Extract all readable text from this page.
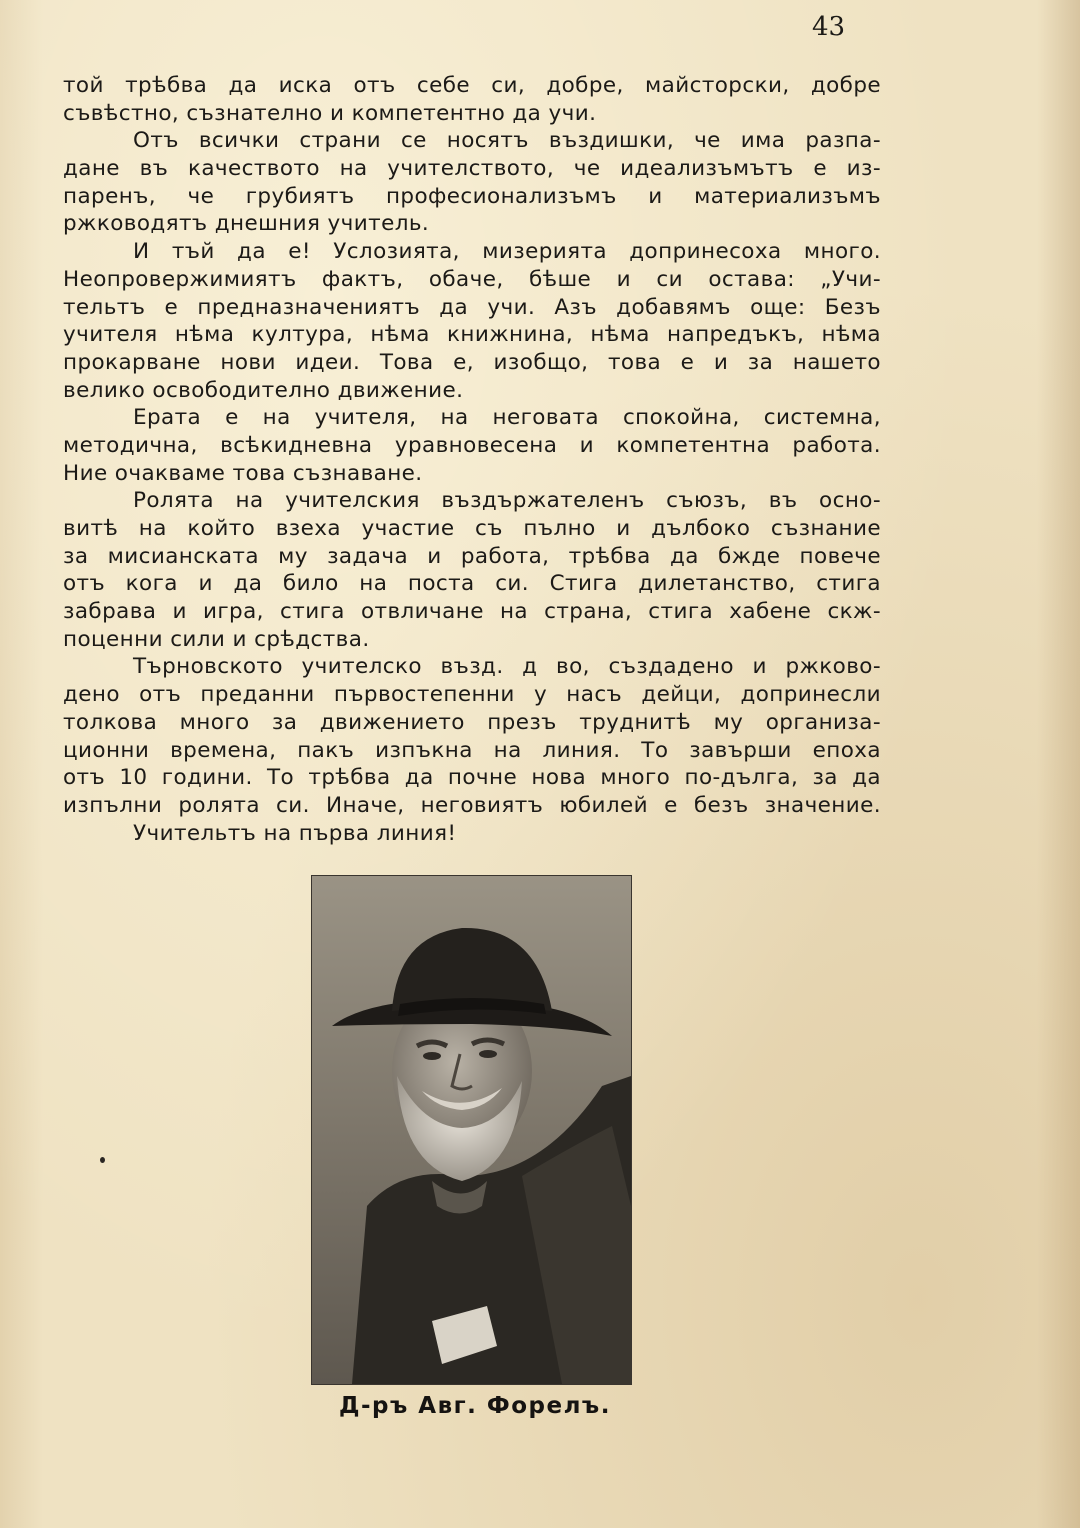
43
той трѣбва да иска отъ себе си, добре, майсторски, добре
съвѣстно, съзнателно и компетентно да учи.
Отъ всички страни се носятъ въздишки, че има разпа-
дане въ качеството на учителството, че идеализъмътъ е из-
паренъ, че грубиятъ професионализъмъ и материализъмъ
ржководятъ днешния учитель.
И тъй да е! Услозията, мизерията допринесоха много.
Неопровержимиятъ фактъ, обаче, бѣше и си остава: „Учи-
тельтъ е предназначениятъ да учи. Азъ добавямъ още: Безъ
учителя нѣма култура, нѣма книжнина, нѣма напредъкъ, нѣма
прокарване нови идеи. Това е, изобщо, това е и за нашето
велико освободително движение.
Ерата е на учителя, на неговата спокойна, системна,
методична, всѣкидневна уравновесена и компетентна работа.
Ние очакваме това съзнаване.
Ролята на учителския въздържателенъ съюзъ, въ осно-
витѣ на който взеха участие съ пълно и дълбоко съзнание
за мисианската му задача и работа, трѣбва да бжде повече
отъ кога и да било на поста си. Стига дилетанство, стига
забрава и игра, стига отвличане на страна, стига хабене скж-
поценни сили и срѣдства.
Търновското учителско възд. д во, създадено и ржково-
дено отъ преданни първостепенни у насъ дейци, допринесли
толкова много за движението презъ труднитѣ му организа-
ционни времена, пакъ изпъкна на линия. То завърши епоха
отъ 10 години. То трѣбва да почне нова много по-дълга, за да
изпълни ролята си. Иначе, неговиятъ юбилей е безъ значение.
Учительтъ на първа линия!
Д-ръ Авг. Форелъ.
